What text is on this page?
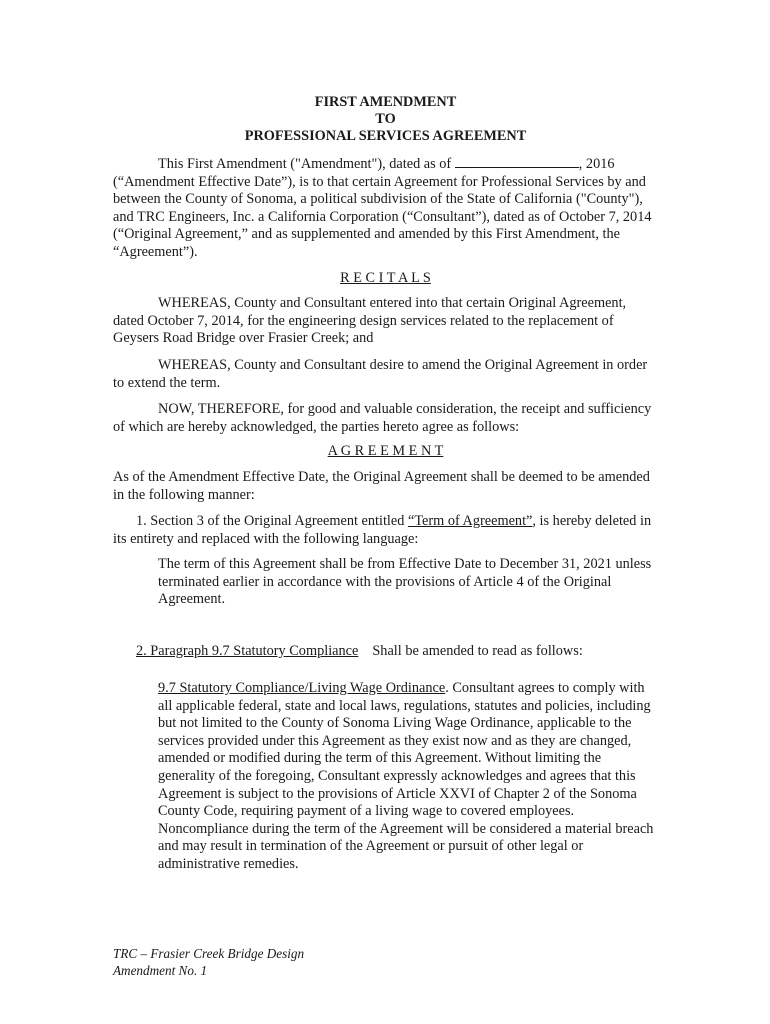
FIRST AMENDMENT
TO
PROFESSIONAL SERVICES AGREEMENT

This First Amendment ("Amendment"), dated as of	, 2016 (“Amendment Effective Date”), is to that certain Agreement for Professional Services by and between the County of Sonoma, a political subdivision of the State of California ("County"), and TRC Engineers, Inc. a California Corporation (“Consultant”), dated as of October 7, 2014 (“Original Agreement,” and as supplemented and amended by this First Amendment, the “Agreement”).

R E C I T A L S

WHEREAS, County and Consultant entered into that certain Original Agreement, dated October 7, 2014, for the engineering design services related to the replacement of Geysers Road Bridge over Frasier Creek; and

WHEREAS, County and Consultant desire to amend the Original Agreement in order to extend the term.

NOW, THEREFORE, for good and valuable consideration, the receipt and sufficiency of which are hereby acknowledged, the parties hereto agree as follows:

A G R E E M E N T

As of the Amendment Effective Date, the Original Agreement shall be deemed to be amended in the following manner:

1. Section 3 of the Original Agreement entitled “Term of Agreement”, is hereby deleted in its entirety and replaced with the following language:

The term of this Agreement shall be from Effective Date to December 31, 2021 unless terminated earlier in accordance with the provisions of Article 4 of the Original Agreement.

2. Paragraph 9.7 Statutory Compliance Shall be amended to read as follows:

9.7 Statutory Compliance/Living Wage Ordinance. Consultant agrees to comply with all applicable federal, state and local laws, regulations, statutes and policies, including but not limited to the County of Sonoma Living Wage Ordinance, applicable to the services provided under this Agreement as they exist now and as they are changed, amended or modified during the term of this Agreement. Without limiting the generality of the foregoing, Consultant expressly acknowledges and agrees that this Agreement is subject to the provisions of Article XXVI of Chapter 2 of the Sonoma County Code, requiring payment of a living wage to covered employees. Noncompliance during the term of the Agreement will be considered a material breach and may result in termination of the Agreement or pursuit of other legal or administrative remedies.

TRC – Frasier Creek Bridge Design
Amendment No. 1
